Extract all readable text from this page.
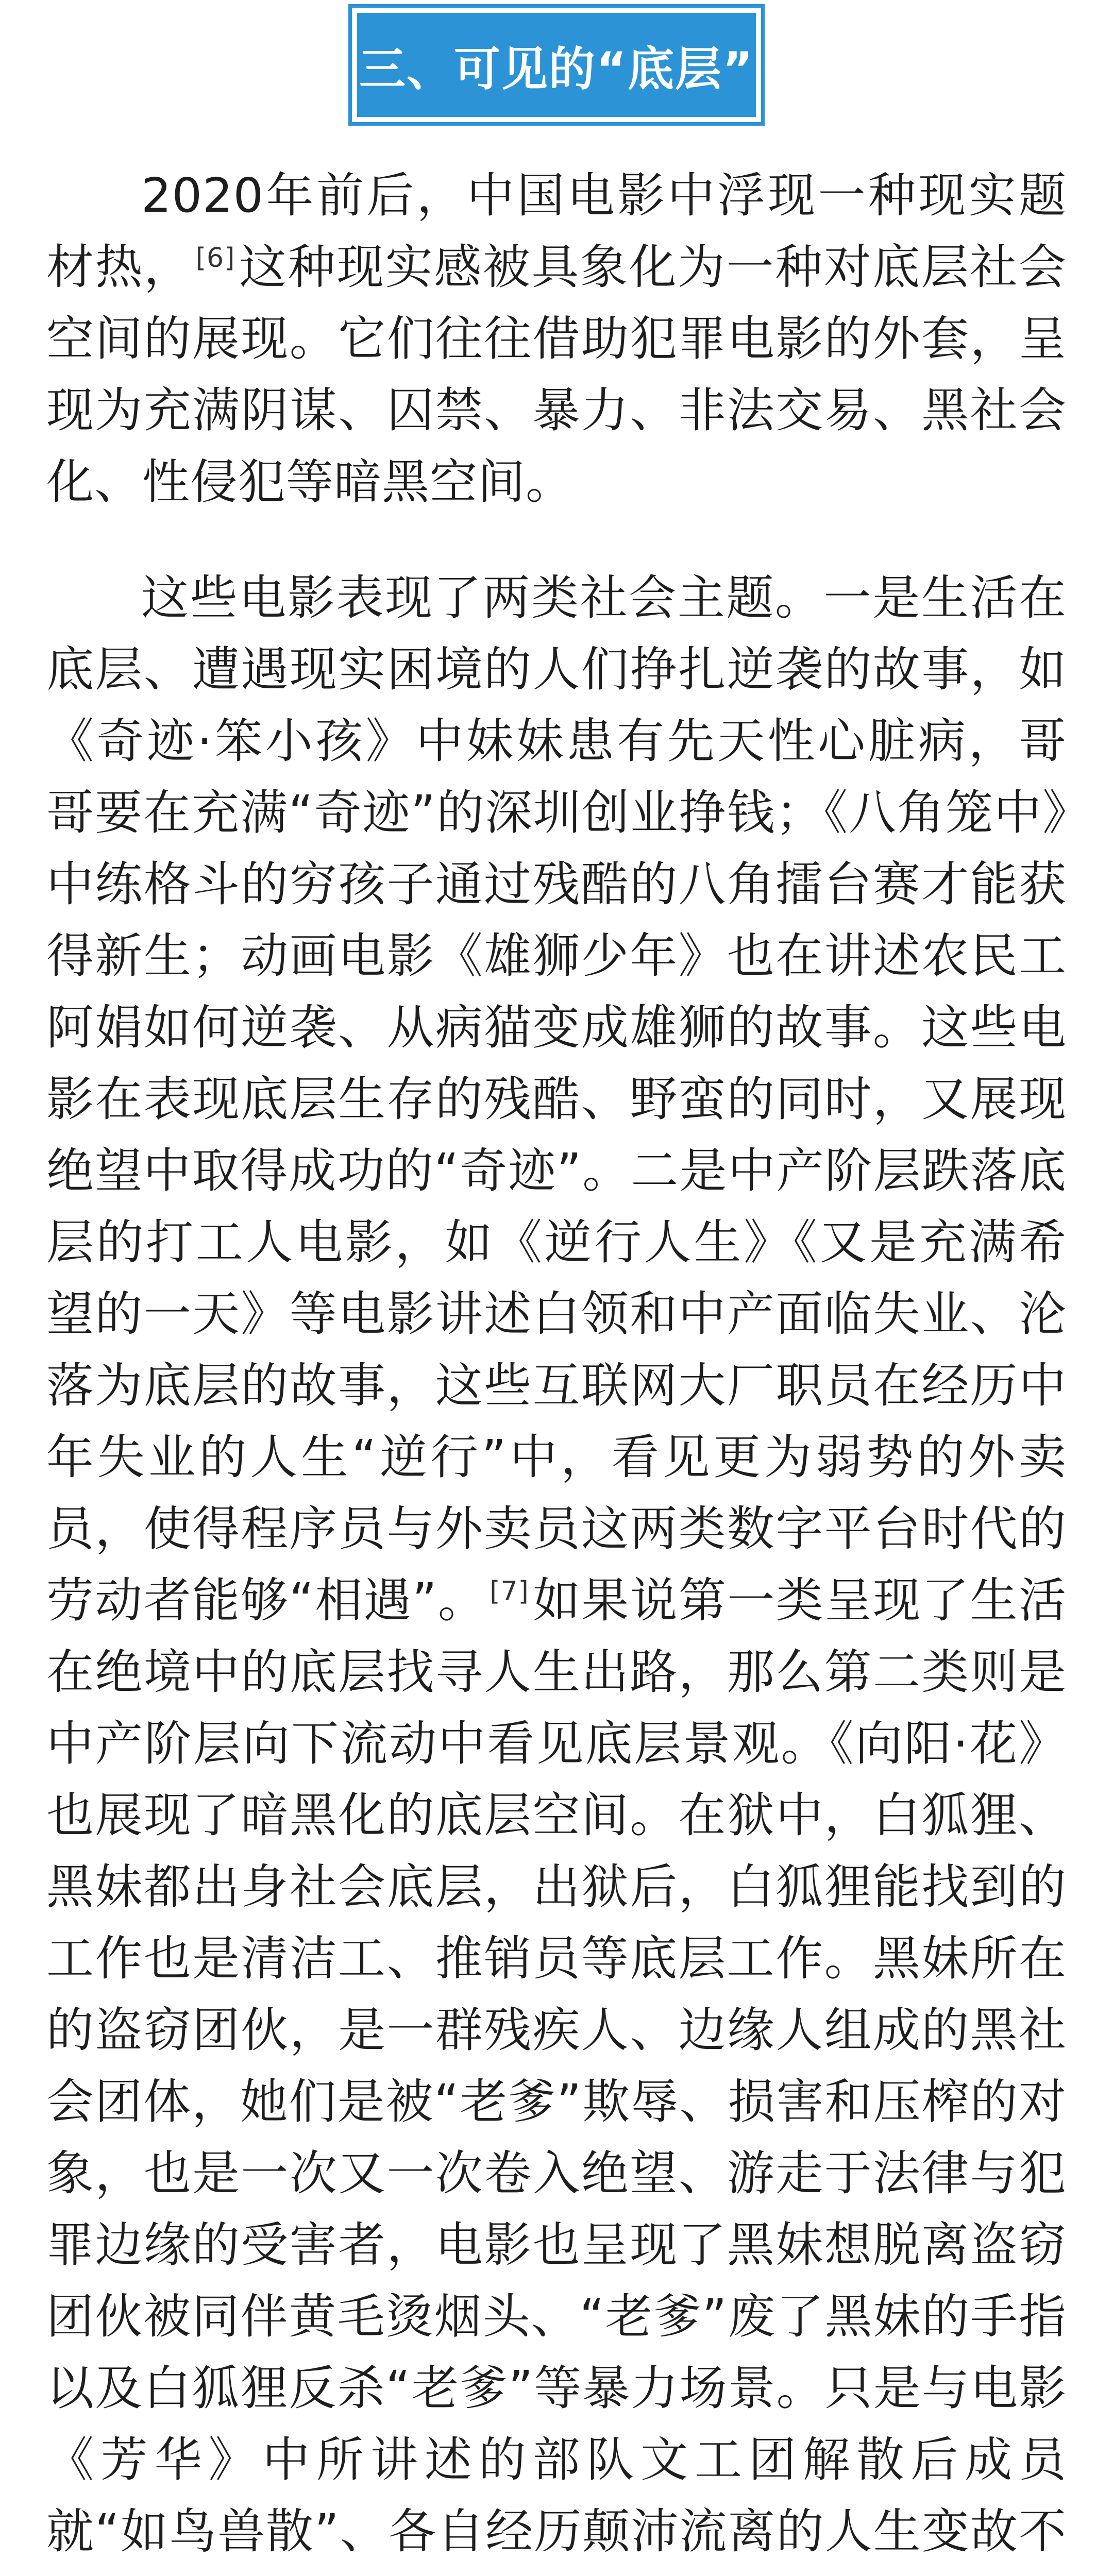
三、可见的“底层”

2020年前后，中国电影中浮现一种现实题材热， [6]这种现实感被具象化为一种对底层社会空间的展现。它们往往借助犯罪电影的外套，呈现为充满阴谋、囚禁、暴力、非法交易、黑社会化、性侵犯等暗黑空间。

这些电影表现了两类社会主题。一是生活在底层、遭遇现实困境的人们挣扎逆袭的故事，如《奇迹·笨小孩》中妹妹患有先天性心脏病，哥哥要在充满“奇迹”的深圳创业挣钱；《八角笼中》中练格斗的穷孩子通过残酷的八角擂台赛才能获得新生；动画电影《雄狮少年》也在讲述农民工阿娟如何逆袭、从病猫变成雄狮的故事。这些电影在表现底层生存的残酷、野蛮的同时，又展现绝望中取得成功的“奇迹”。二是中产阶层跌落底层的打工人电影，如《逆行人生》《又是充满希望的一天》等电影讲述白领和中产面临失业、沦落为底层的故事，这些互联网大厂职员在经历中年失业的人生“逆行”中，看见更为弱势的外卖员，使得程序员与外卖员这两类数字平台时代的劳动者能够“相遇”。 [7]如果说第一类呈现了生活在绝境中的底层找寻人生出路，那么第二类则是中产阶层向下流动中看见底层景观。《向阳·花》也展现了暗黑化的底层空间。在狱中，白狐狸、黑妹都出身社会底层，出狱后，白狐狸能找到的工作也是清洁工、推销员等底层工作。黑妹所在的盗窃团伙，是一群残疾人、边缘人组成的黑社会团体，她们是被“老爹”欺辱、损害和压榨的对象，也是一次又一次卷入绝望、游走于法律与犯罪边缘的受害者，电影也呈现了黑妹想脱离盗窃团伙被同伴黄毛烫烟头、“老爹”废了黑妹的手指以及白狐狸反杀“老爹”等暴力场景。只是与电影《芳华》中所讲述的部队文工团解散后成员就“如鸟兽散”、各自经历颠沛流离的人生变故不
